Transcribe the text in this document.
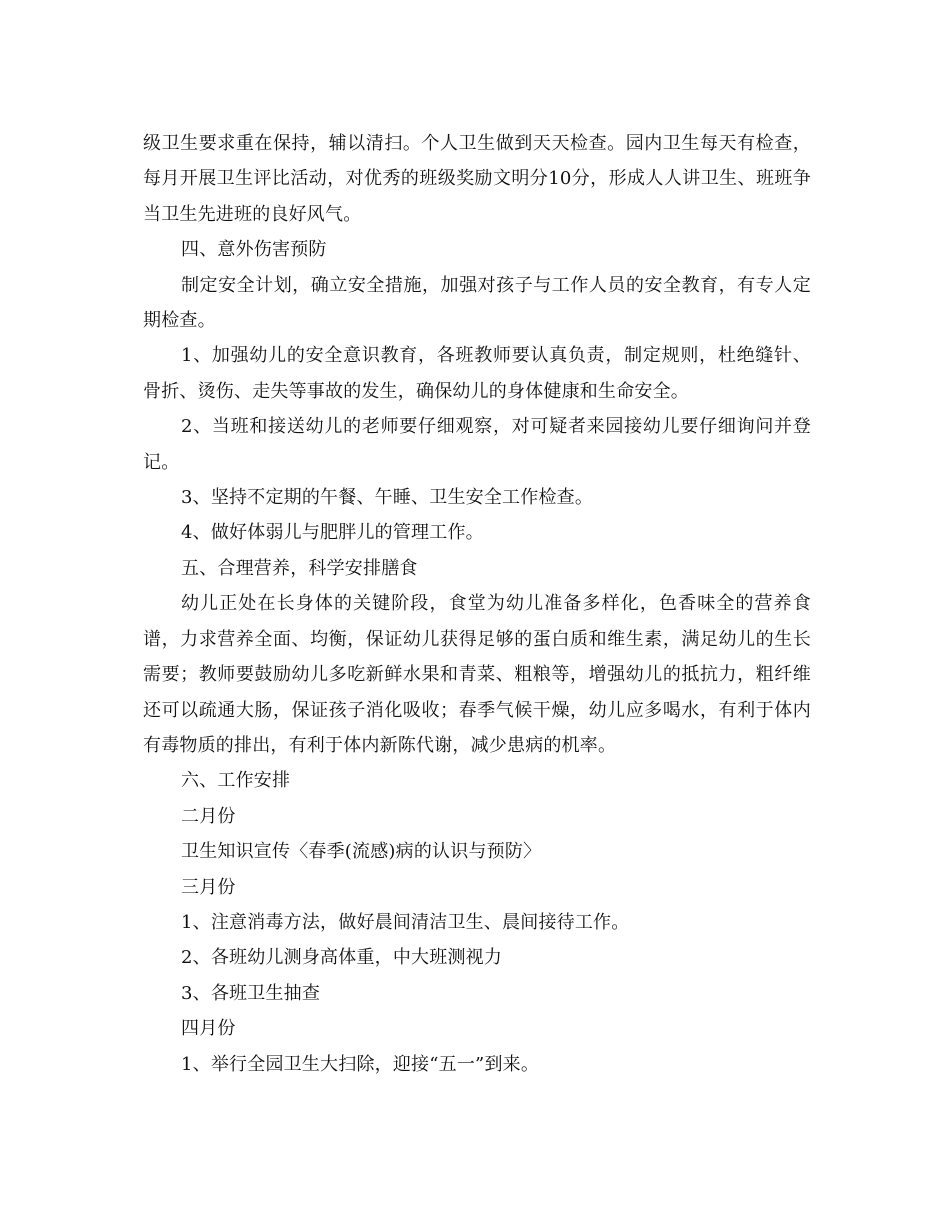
级卫生要求重在保持，辅以清扫。个人卫生做到天天检查。园内卫生每天有检查，每月开展卫生评比活动，对优秀的班级奖励文明分10分，形成人人讲卫生、班班争当卫生先进班的良好风气。

四、意外伤害预防

制定安全计划，确立安全措施，加强对孩子与工作人员的安全教育，有专人定期检查。

1、加强幼儿的安全意识教育，各班教师要认真负责，制定规则，杜绝缝针、骨折、烫伤、走失等事故的发生，确保幼儿的身体健康和生命安全。

2、当班和接送幼儿的老师要仔细观察，对可疑者来园接幼儿要仔细询问并登记。

3、坚持不定期的午餐、午睡、卫生安全工作检查。

4、做好体弱儿与肥胖儿的管理工作。

五、合理营养，科学安排膳食

幼儿正处在长身体的关键阶段，食堂为幼儿准备多样化，色香味全的营养食谱，力求营养全面、均衡，保证幼儿获得足够的蛋白质和维生素，满足幼儿的生长需要；教师要鼓励幼儿多吃新鲜水果和青菜、粗粮等，增强幼儿的抵抗力，粗纤维还可以疏通大肠，保证孩子消化吸收；春季气候干燥，幼儿应多喝水，有利于体内有毒物质的排出，有利于体内新陈代谢，减少患病的机率。

六、工作安排

二月份

卫生知识宣传〈春季(流感)病的认识与预防〉

三月份

1、注意消毒方法，做好晨间清洁卫生、晨间接待工作。

2、各班幼儿测身高体重，中大班测视力

3、各班卫生抽查

四月份

1、举行全园卫生大扫除，迎接“五一”到来。
